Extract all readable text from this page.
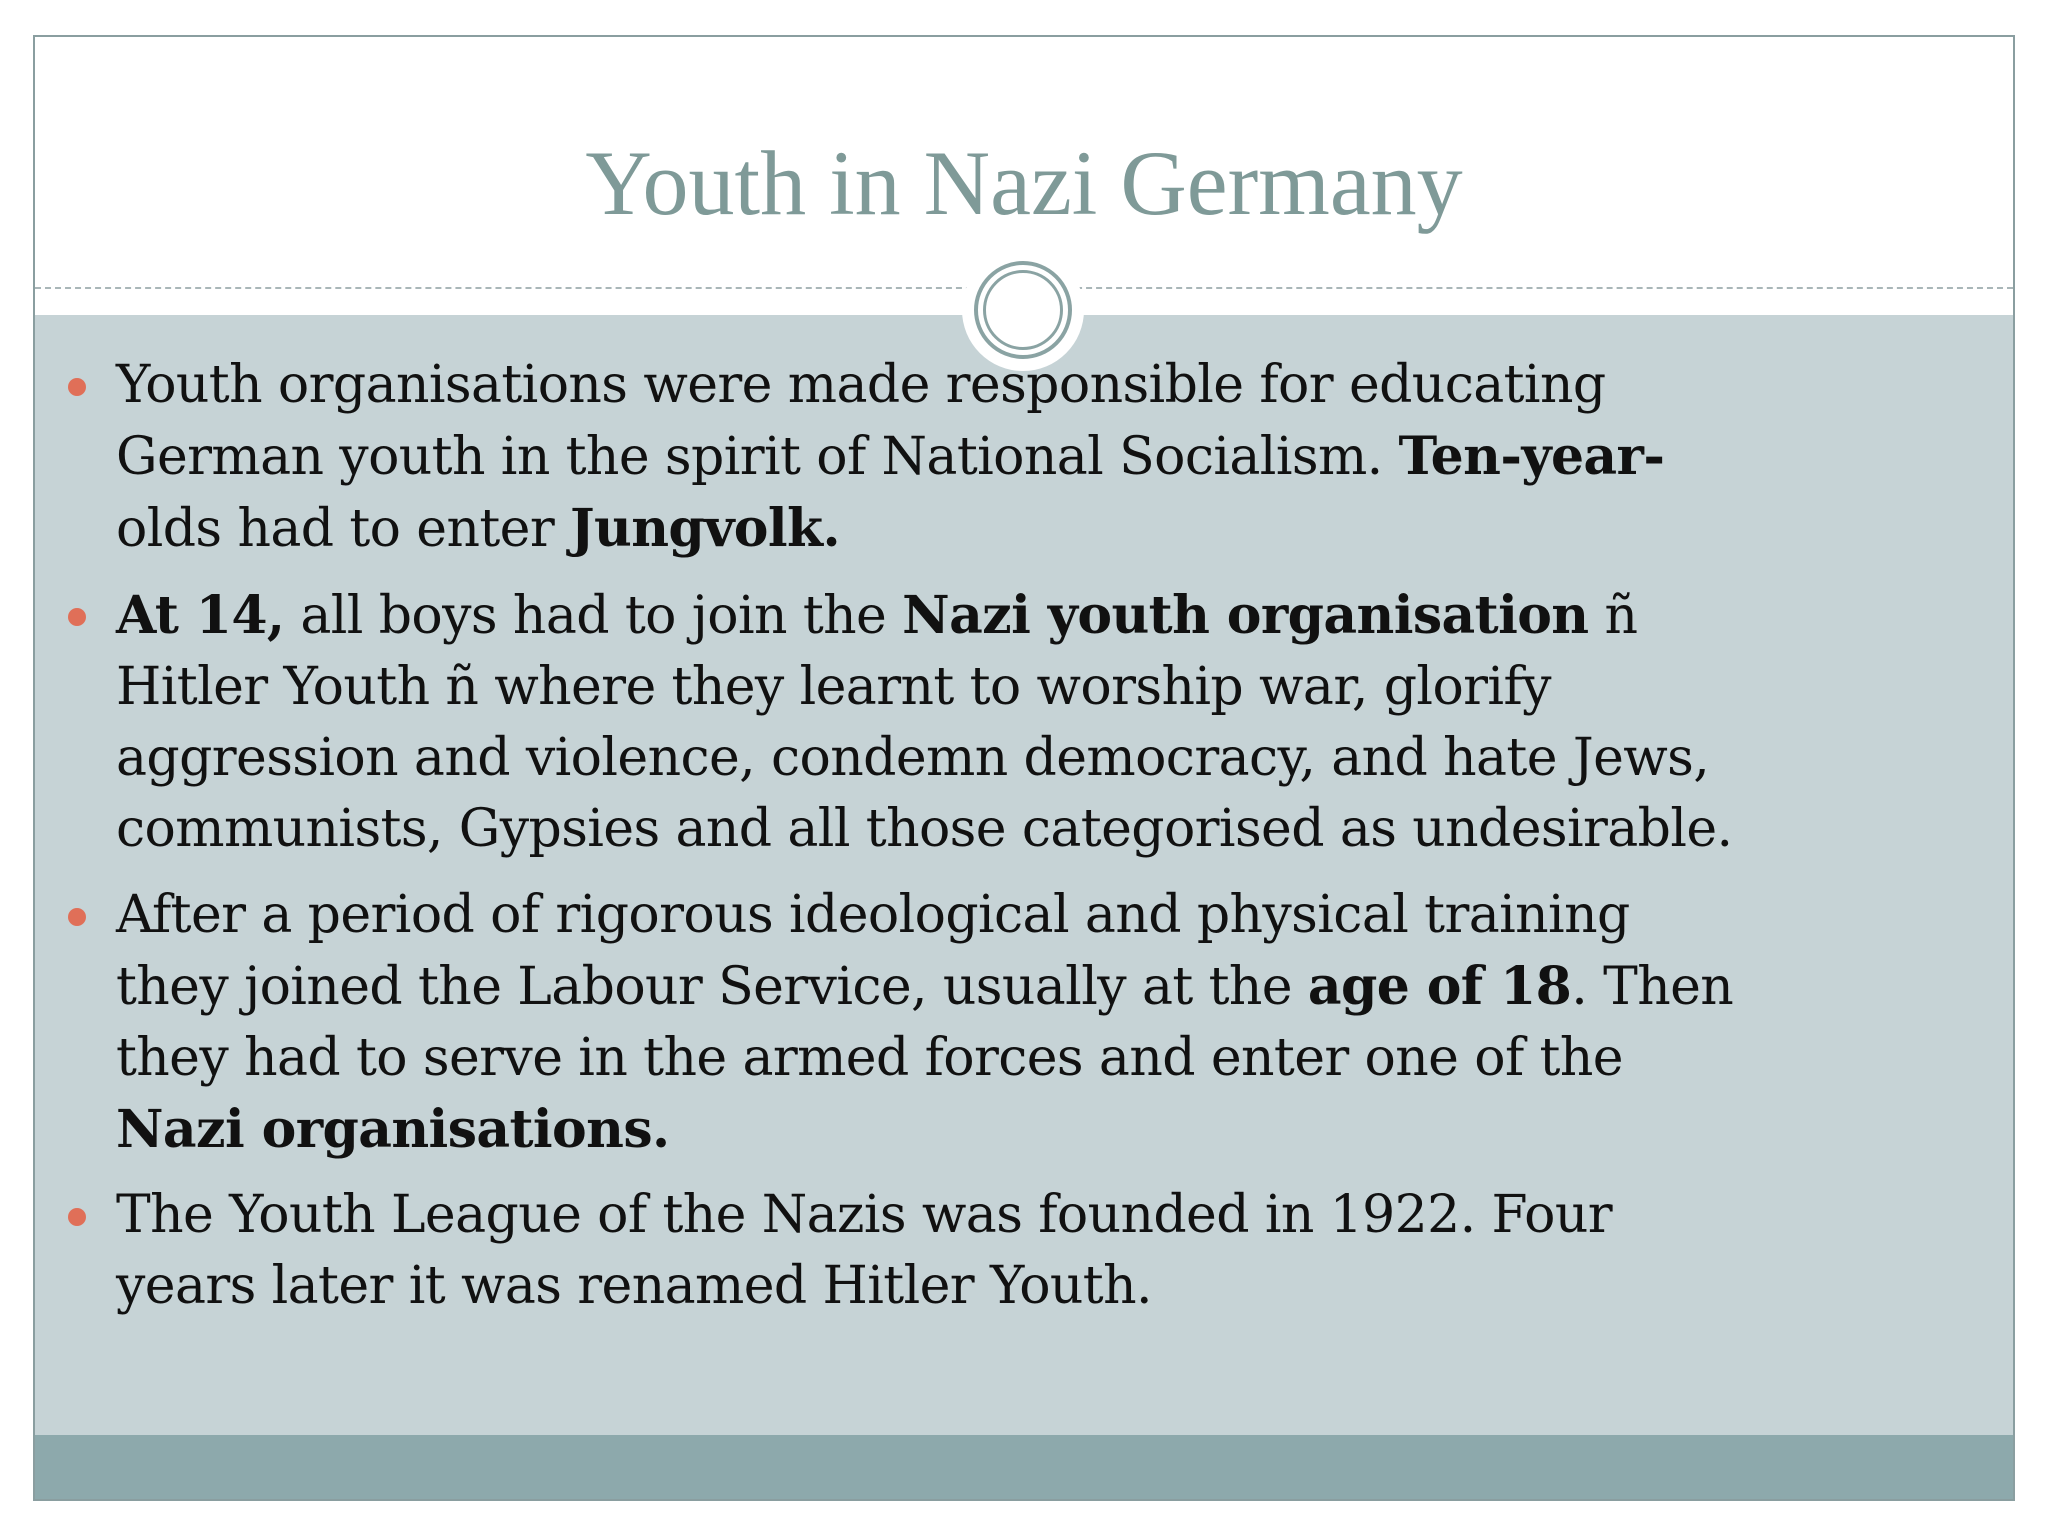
Youth in Nazi Germany
Youth organisations were made responsible for educating
German youth in the spirit of National Socialism. Ten-year-
olds had to enter Jungvolk.
At 14, all boys had to join the Nazi youth organisation ñ
Hitler Youth ñ where they learnt to worship war, glorify
aggression and violence, condemn democracy, and hate Jews,
communists, Gypsies and all those categorised as undesirable.
After a period of rigorous ideological and physical training
they joined the Labour Service, usually at the age of 18. Then
they had to serve in the armed forces and enter one of the
Nazi organisations.
The Youth League of the Nazis was founded in 1922. Four
years later it was renamed Hitler Youth.
